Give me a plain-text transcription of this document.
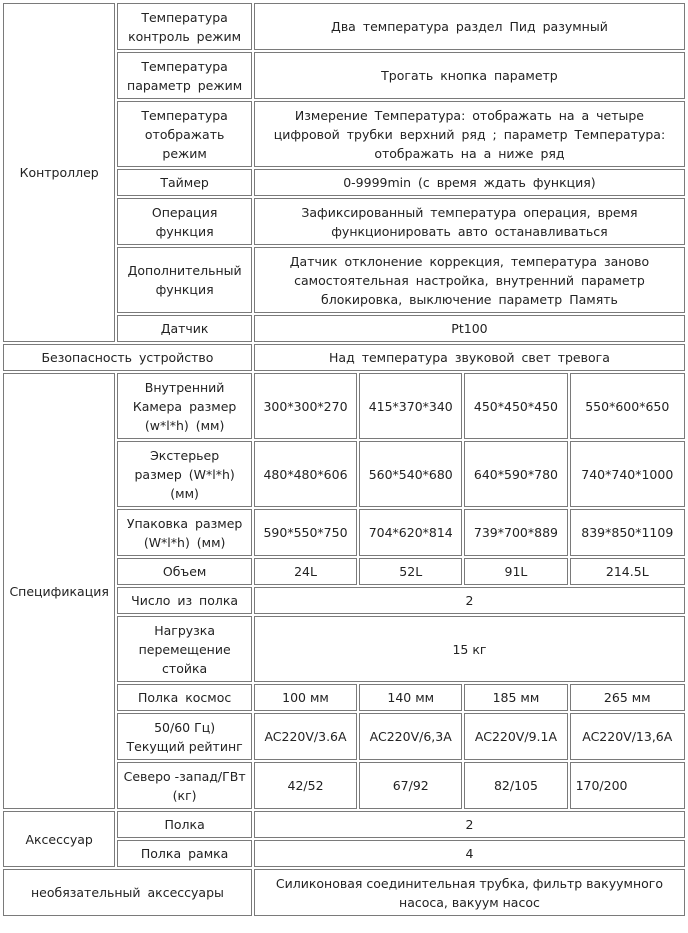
Контроллер	Температура контроль режим	Два температура раздел Пид разумный			
	Температура параметр режим	Трогать кнопка параметр			
	Температура отображать режим	Измерение Температура: отображать на а четыре цифровой трубки верхний ряд ; параметр Температура: отображать на а ниже ряд			
	Таймер	0-9999min (с время ждать функция)			
	Операция функция	Зафиксированный температура операция, время функционировать авто останавливаться			
	Дополнительный функция	Датчик отклонение коррекция, температура заново самостоятельная настройка, внутренний параметр блокировка, выключение параметр Память			
	Датчик	Pt100			
Безопасность устройство		Над температура звуковой свет тревога			
Спецификация	Внутренний Камера размер (w*l*h) (мм)	300*300*270	415*370*340	450*450*450	550*600*650
	Экстерьер размер (W*l*h) (мм)	480*480*606	560*540*680	640*590*780	740*740*1000
	Упаковка размер (W*l*h) (мм)	590*550*750	704*620*814	739*700*889	839*850*1109
	Объем	24L	52L	91L	214.5L
	Число из полка	2			
	Нагрузка перемещение стойка	15 кг			
	Полка космос	100 мм	140 мм	185 мм	265 мм
	50/60 Гц) Текущий рейтинг	AC220V/3.6A	AC220V/6,3A	AC220V/9.1A	AC220V/13,6A
	Северо -запад/ГВт (кг)	42/52	67/92	82/105	170/200
Аксессуар	Полка	2			
	Полка рамка	4			
необязательный аксессуары		Силиконовая соединительная трубка, фильтр вакуумного насоса, вакуум насос			
